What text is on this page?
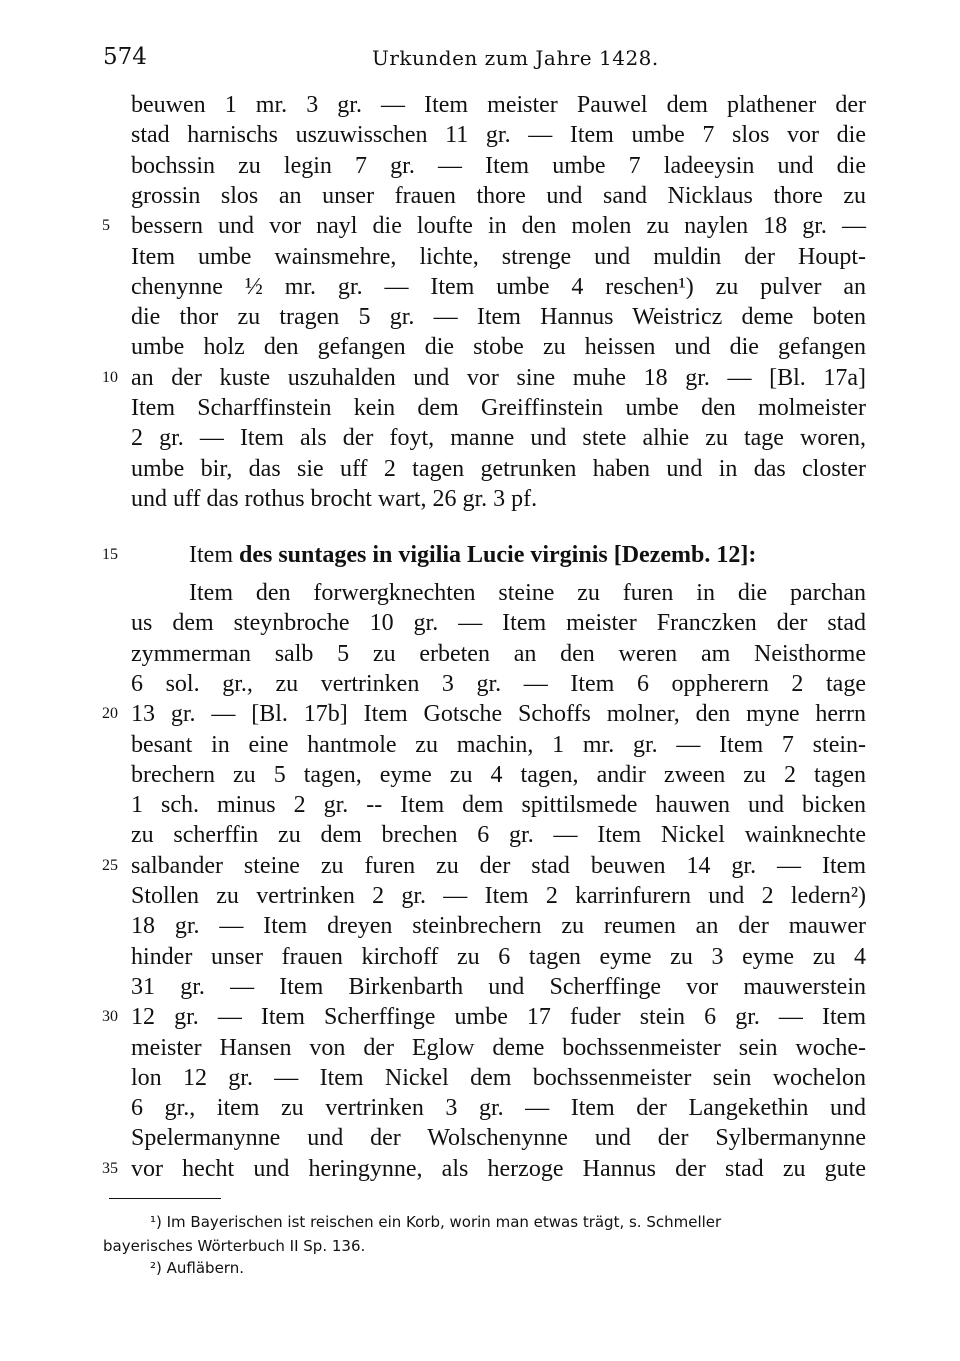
574	Urkunden zum Jahre 1428.
beuwen 1 mr. 3 gr. — Item meister Pauwel dem plathener der
stad harnischs uszuwisschen 11 gr. — Item umbe 7 slos vor die
bochssin zu legin 7 gr. — Item umbe 7 ladeeysin und die
grossin slos an unser frauen thore und sand Nicklaus thore zu
bessern und vor nayl die loufte in den molen zu naylen 18 gr. —
5
Item umbe wainsmehre, lichte, strenge und muldin der Houpt-
chenynne ½ mr. gr. — Item umbe 4 reschen¹) zu pulver an
die thor zu tragen 5 gr. — Item Hannus Weistricz deme boten
umbe holz den gefangen die stobe zu heissen und die gefangen
an der kuste uszuhalden und vor sine muhe 18 gr. — [Bl. 17a]
10
Item Scharffinstein kein dem Greiffinstein umbe den molmeister
2 gr. — Item als der foyt, manne und stete alhie zu tage woren,
umbe bir, das sie uff 2 tagen getrunken haben und in das closter
und uff das rothus brocht wart, 26 gr. 3 pf.
15	Item des suntages in vigilia Lucie virginis [Dezemb. 12]:
Item den forwergknechten steine zu furen in die parchan
us dem steynbroche 10 gr. — Item meister Franczken der stad
zymmerman salb 5 zu erbeten an den weren am Neisthorme
6 sol. gr., zu vertrinken 3 gr. — Item 6 oppherern 2 tage
13 gr. — [Bl. 17b] Item Gotsche Schoffs molner, den myne herrn
20
besant in eine hantmole zu machin, 1 mr. gr. — Item 7 stein-
brechern zu 5 tagen, eyme zu 4 tagen, andir zween zu 2 tagen
1 sch. minus 2 gr. -- Item dem spittilsmede hauwen und bicken
zu scherffin zu dem brechen 6 gr. — Item Nickel wainknechte
salbander steine zu furen zu der stad beuwen 14 gr. — Item
25
Stollen zu vertrinken 2 gr. — Item 2 karrinfurern und 2 ledern²)
18 gr. — Item dreyen steinbrechern zu reumen an der mauwer
hinder unser frauen kirchoff zu 6 tagen eyme zu 3 eyme zu 4
31 gr. — Item Birkenbarth und Scherffinge vor mauwerstein
12 gr. — Item Scherffinge umbe 17 fuder stein 6 gr. — Item
30
meister Hansen von der Eglow deme bochssenmeister sein woche-
lon 12 gr. — Item Nickel dem bochssenmeister sein wochelon
6 gr., item zu vertrinken 3 gr. — Item der Langekethin und
Spelermanynne und der Wolschenynne und der Sylbermanynne
vor hecht und heringynne, als herzoge Hannus der stad zu gute
35
¹) Im Bayerischen ist reischen ein Korb, worin man etwas trägt, s. Schmeller
bayerisches Wörterbuch II Sp. 136.
²) Aufläbern.
